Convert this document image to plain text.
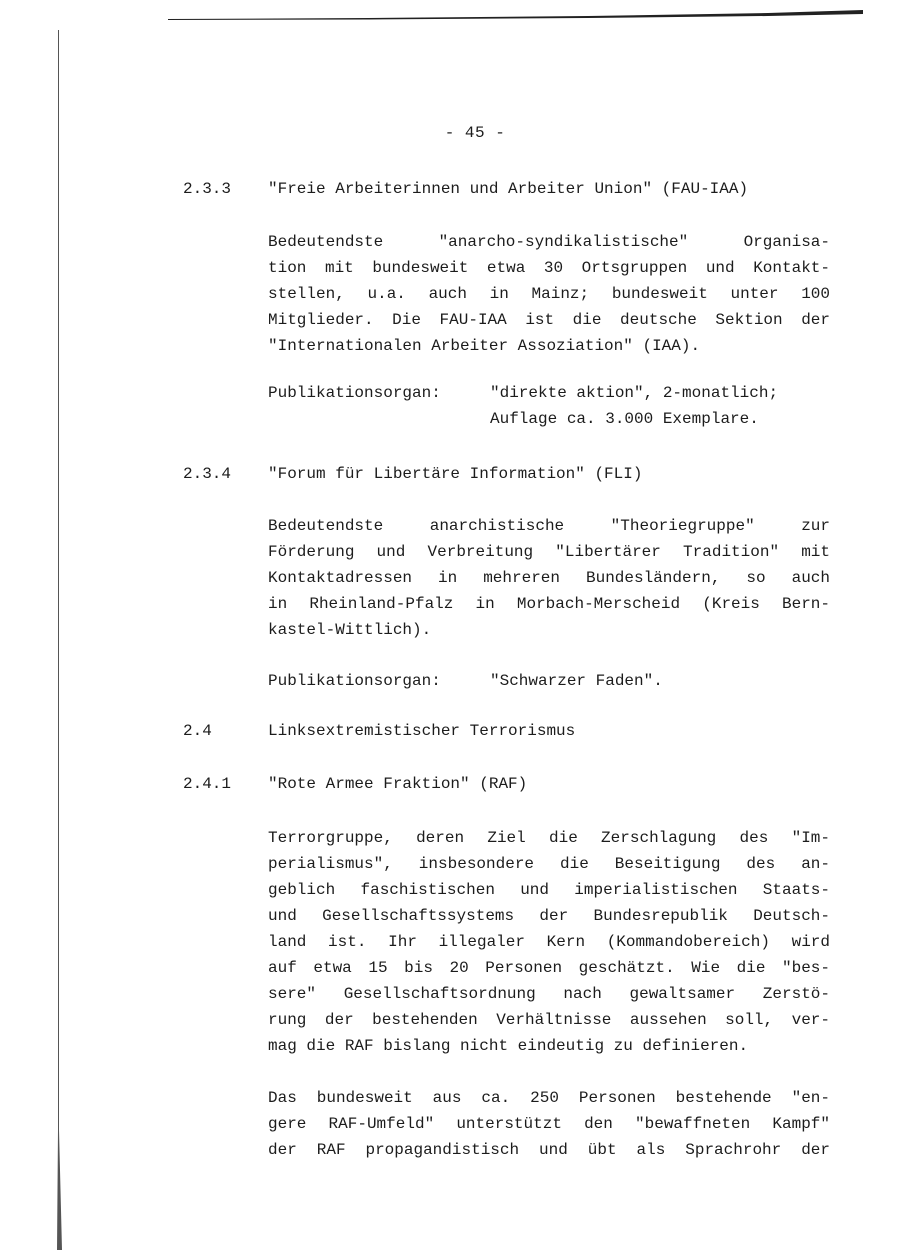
- 45 -
2.3.3 "Freie Arbeiterinnen und Arbeiter Union" (FAU-IAA)
Bedeutendste "anarcho-syndikalistische" Organisa-
tion mit bundesweit etwa 30 Ortsgruppen und Kontakt-
stellen, u.a. auch in Mainz; bundesweit unter 100
Mitglieder. Die FAU-IAA ist die deutsche Sektion der
"Internationalen Arbeiter Assoziation" (IAA).
Publikationsorgan:	"direkte aktion", 2-monatlich;
Auflage ca. 3.000 Exemplare.
2.3.4 "Forum für Libertäre Information" (FLI)
Bedeutendste anarchistische "Theoriegruppe" zur
Förderung und Verbreitung "Libertärer Tradition" mit
Kontaktadressen in mehreren Bundesländern, so auch
in Rheinland-Pfalz in Morbach-Merscheid (Kreis Bern-
kastel-Wittlich).
Publikationsorgan:	"Schwarzer Faden".
2.4	Linksextremistischer Terrorismus
2.4.1 "Rote Armee Fraktion" (RAF)
Terrorgruppe, deren Ziel die Zerschlagung des "Im-
perialismus", insbesondere die Beseitigung des an-
geblich faschistischen und imperialistischen Staats-
und Gesellschaftssystems der Bundesrepublik Deutsch-
land ist. Ihr illegaler Kern (Kommandobereich) wird
auf etwa 15 bis 20 Personen geschätzt. Wie die "bes-
sere" Gesellschaftsordnung nach gewaltsamer Zerstö-
rung der bestehenden Verhältnisse aussehen soll, ver-
mag die RAF bislang nicht eindeutig zu definieren.
Das bundesweit aus ca. 250 Personen bestehende "en-
gere RAF-Umfeld" unterstützt den "bewaffneten Kampf"
der RAF propagandistisch und übt als Sprachrohr der
